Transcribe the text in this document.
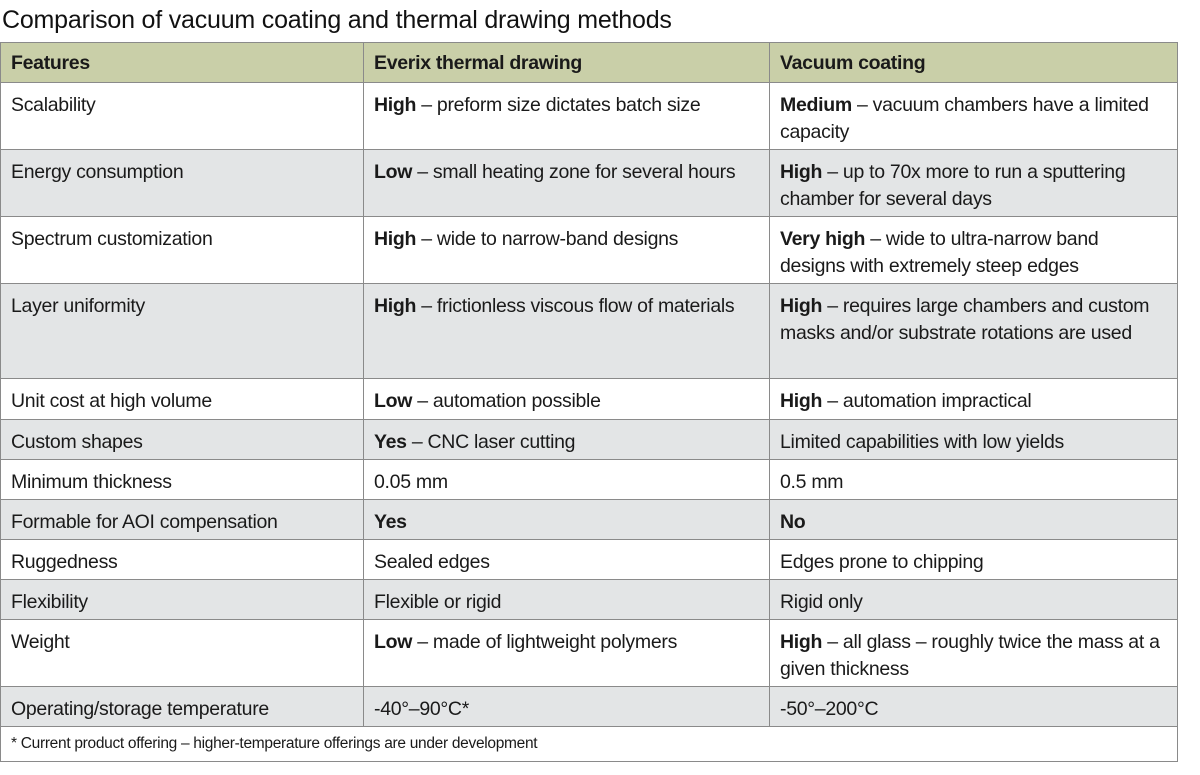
Comparison of vacuum coating and thermal drawing methods
Features	Everix thermal drawing	Vacuum coating
Scalability	High – preform size dictates batch size	Medium – vacuum chambers have a limited capacity
Energy consumption	Low – small heating zone for several hours	High – up to 70x more to run a sputtering chamber for several days
Spectrum customization	High – wide to narrow-band designs	Very high – wide to ultra-narrow band designs with extremely steep edges
Layer uniformity	High – frictionless viscous flow of materials	High – requires large chambers and custom masks and/or substrate rotations are used
Unit cost at high volume	Low – automation possible	High – automation impractical
Custom shapes	Yes – CNC laser cutting	Limited capabilities with low yields
Minimum thickness	0.05 mm	0.5 mm
Formable for AOI compensation	Yes	No
Ruggedness	Sealed edges	Edges prone to chipping
Flexibility	Flexible or rigid	Rigid only
Weight	Low – made of lightweight polymers	High – all glass – roughly twice the mass at a given thickness
Operating/storage temperature	-40°–90°C*	-50°–200°C
* Current product offering – higher-temperature offerings are under development		
